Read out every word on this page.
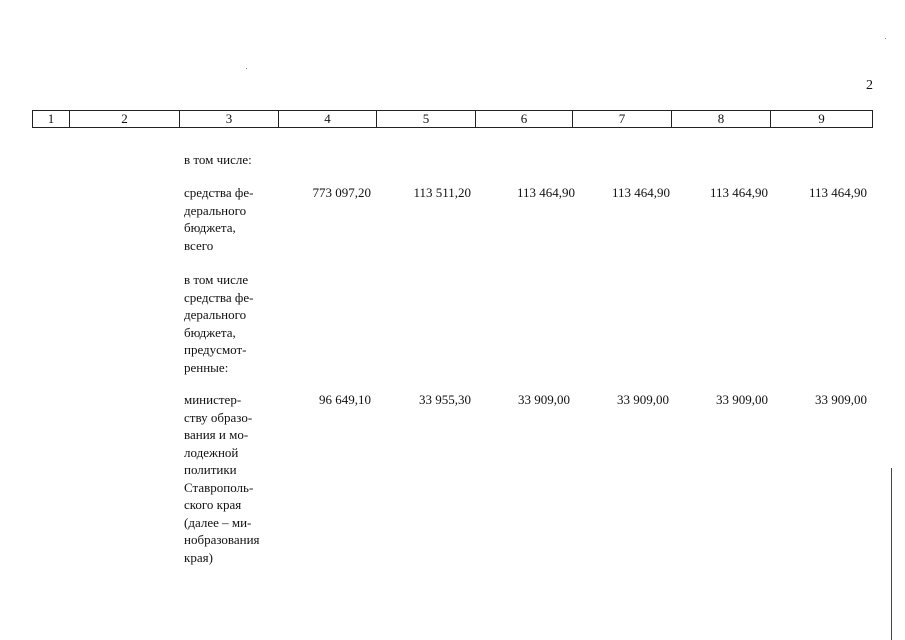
2
1	2	3	4	5	6	7	8	9
в том числе:
средства фе-
дерального
бюджета,
всего
773 097,20	113 511,20	113 464,90	113 464,90	113 464,90	113 464,90
в том числе
средства фе-
дерального
бюджета,
предусмот-
ренные:
министер-
ству образо-
вания и мо-
лодежной
политики
Ставрополь-
ского края
(далее – ми-
нобразования
края)
96 649,10	33 955,30	33 909,00	33 909,00	33 909,00	33 909,00
